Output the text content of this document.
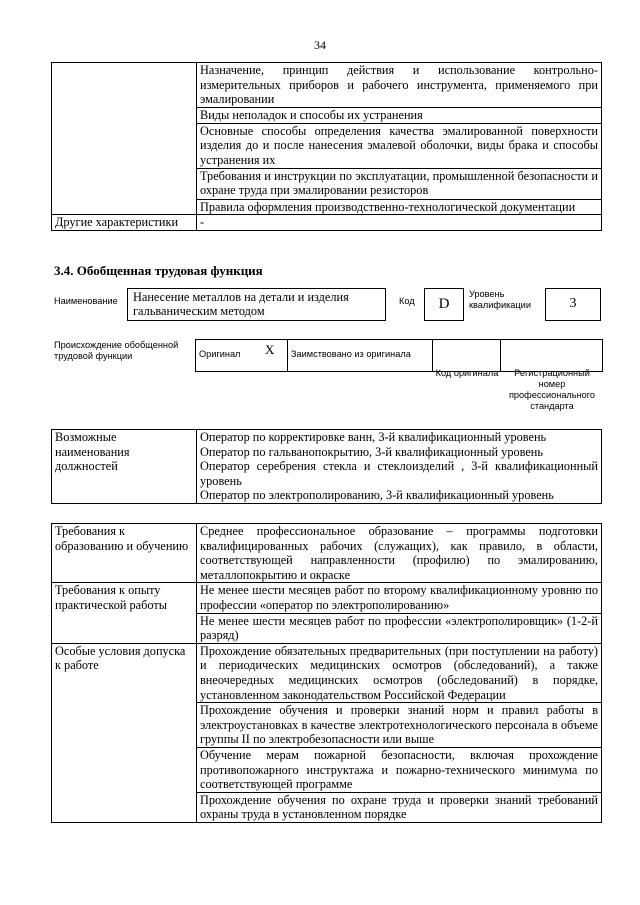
34
	Назначение, принцип действия и использование контрольно-измерительных приборов и рабочего инструмента, применяемого при эмалировании
	Виды неполадок и способы их устранения
	Основные способы определения качества эмалированной поверхности изделия до и после нанесения эмалевой оболочки, виды брака и способы устранения их
	Требования и инструкции по эксплуатации, промышленной безопасности и охране труда при эмалировании резисторов
	Правила оформления производственно-технологической документации
Другие характеристики	-
3.4. Обобщенная трудовая функция
Наименование	Нанесение металлов на детали и изделия гальваническим методом
Код	D
Уровень квалификации	3
Происхождение обобщенной трудовой функции	Оригинал	X	Заимствовано из оригинала		
Код оригинала	Регистрационный номер профессионального стандарта
Возможные наименования должностей	Оператор по корректировке ванн, 3-й квалификационный уровень
Оператор по гальванопокрытию, 3-й квалификационный уровень
Оператор серебрения стекла и стеклоизделий , 3-й квалификационный уровень
Оператор по электрополированию, 3-й квалификационный уровень
Требования к образованию и обучению	Среднее профессиональное образование – программы подготовки квалифицированных рабочих (служащих), как правило, в области, соответствующей направленности (профилю) по эмалированию, металлопокрытию и окраске
Требования к опыту практической работы	Не менее шести месяцев работ по второму квалификационному уровню по профессии «оператор по электрополированию»
	Не менее шести месяцев работ по профессии «электрополировщик» (1-2-й разряд)
Особые условия допуска к работе	Прохождение обязательных предварительных (при поступлении на работу) и периодических медицинских осмотров (обследований), а также внеочередных медицинских осмотров (обследований) в порядке, установленном законодательством Российской Федерации
	Прохождение обучения и проверки знаний норм и правил работы в электроустановках в качестве электротехнологического персонала в объеме группы II по электробезопасности или выше
	Обучение мерам пожарной безопасности, включая прохождение противопожарного инструктажа и пожарно-технического минимума по соответствующей программе
	Прохождение обучения по охране труда и проверки знаний требований охраны труда в установленном порядке
